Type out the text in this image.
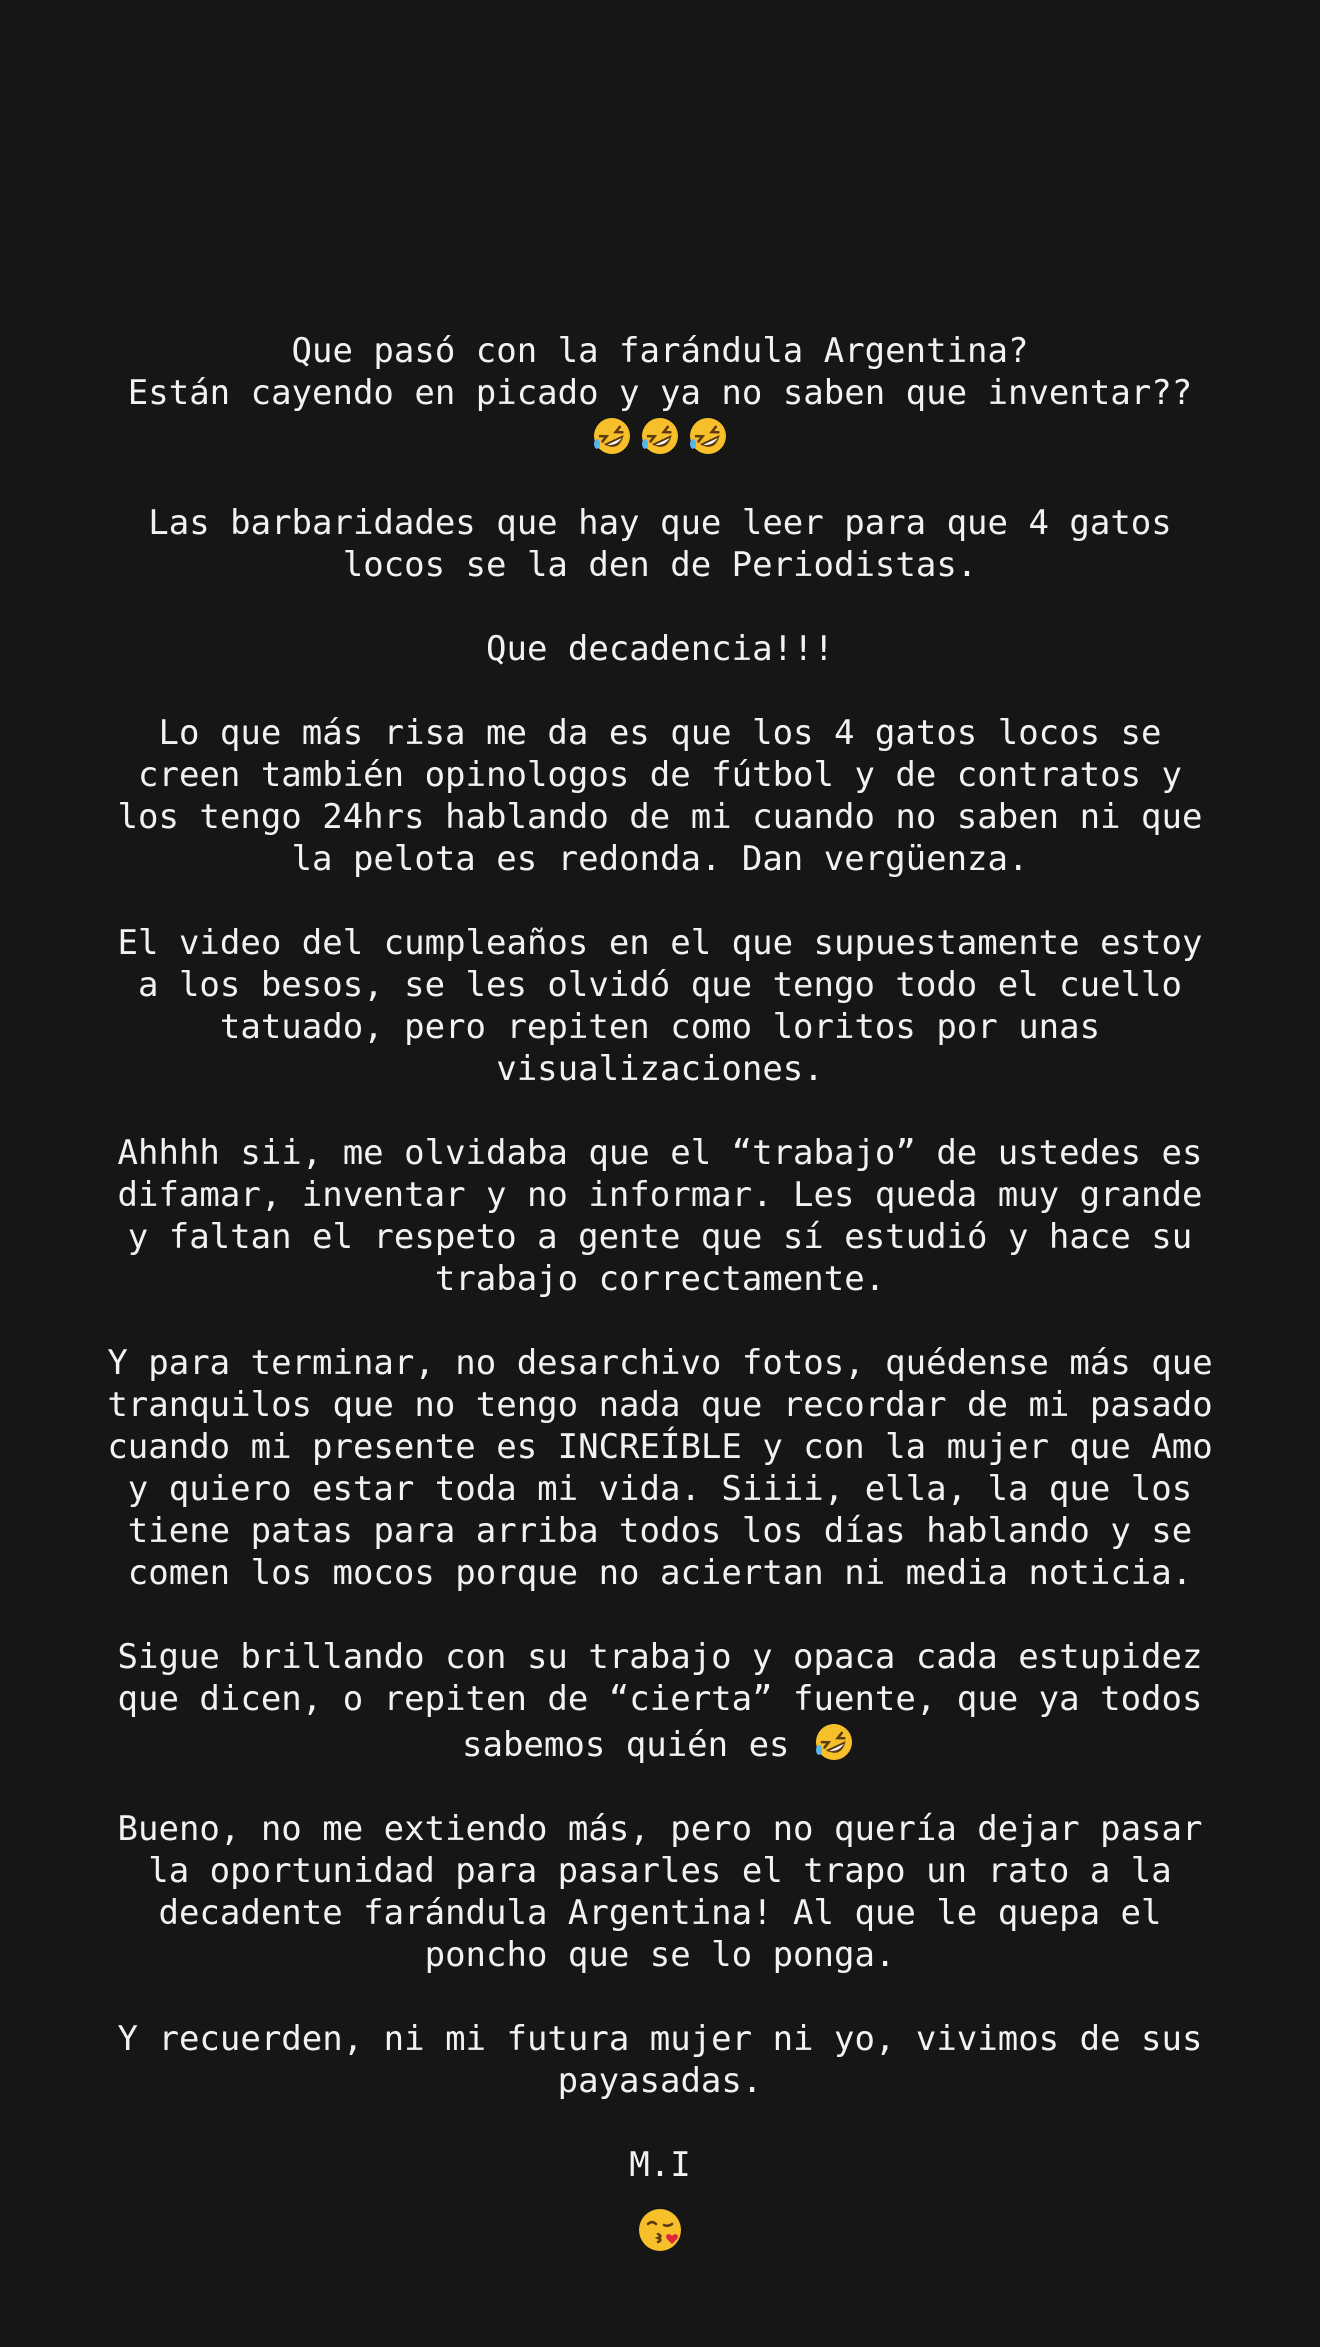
Que pasó con la farándula Argentina?
Están cayendo en picado y ya no saben que inventar??
Las barbaridades que hay que leer para que 4 gatos
locos se la den de Periodistas.
Que decadencia!!!
Lo que más risa me da es que los 4 gatos locos se
creen también opinologos de fútbol y de contratos y
los tengo 24hrs hablando de mi cuando no saben ni que
la pelota es redonda. Dan vergüenza.
El video del cumpleaños en el que supuestamente estoy
a los besos, se les olvidó que tengo todo el cuello
tatuado, pero repiten como loritos por unas
visualizaciones.
Ahhhh sii, me olvidaba que el “trabajo” de ustedes es
difamar, inventar y no informar. Les queda muy grande
y faltan el respeto a gente que sí estudió y hace su
trabajo correctamente.
Y para terminar, no desarchivo fotos, quédense más que
tranquilos que no tengo nada que recordar de mi pasado
cuando mi presente es INCREÍBLE y con la mujer que Amo
y quiero estar toda mi vida. Siiii, ella, la que los
tiene patas para arriba todos los días hablando y se
comen los mocos porque no aciertan ni media noticia.
Sigue brillando con su trabajo y opaca cada estupidez
que dicen, o repiten de “cierta” fuente, que ya todos
sabemos quién es
Bueno, no me extiendo más, pero no quería dejar pasar
la oportunidad para pasarles el trapo un rato a la
decadente farándula Argentina! Al que le quepa el
poncho que se lo ponga.
Y recuerden, ni mi futura mujer ni yo, vivimos de sus
payasadas.
M.I
